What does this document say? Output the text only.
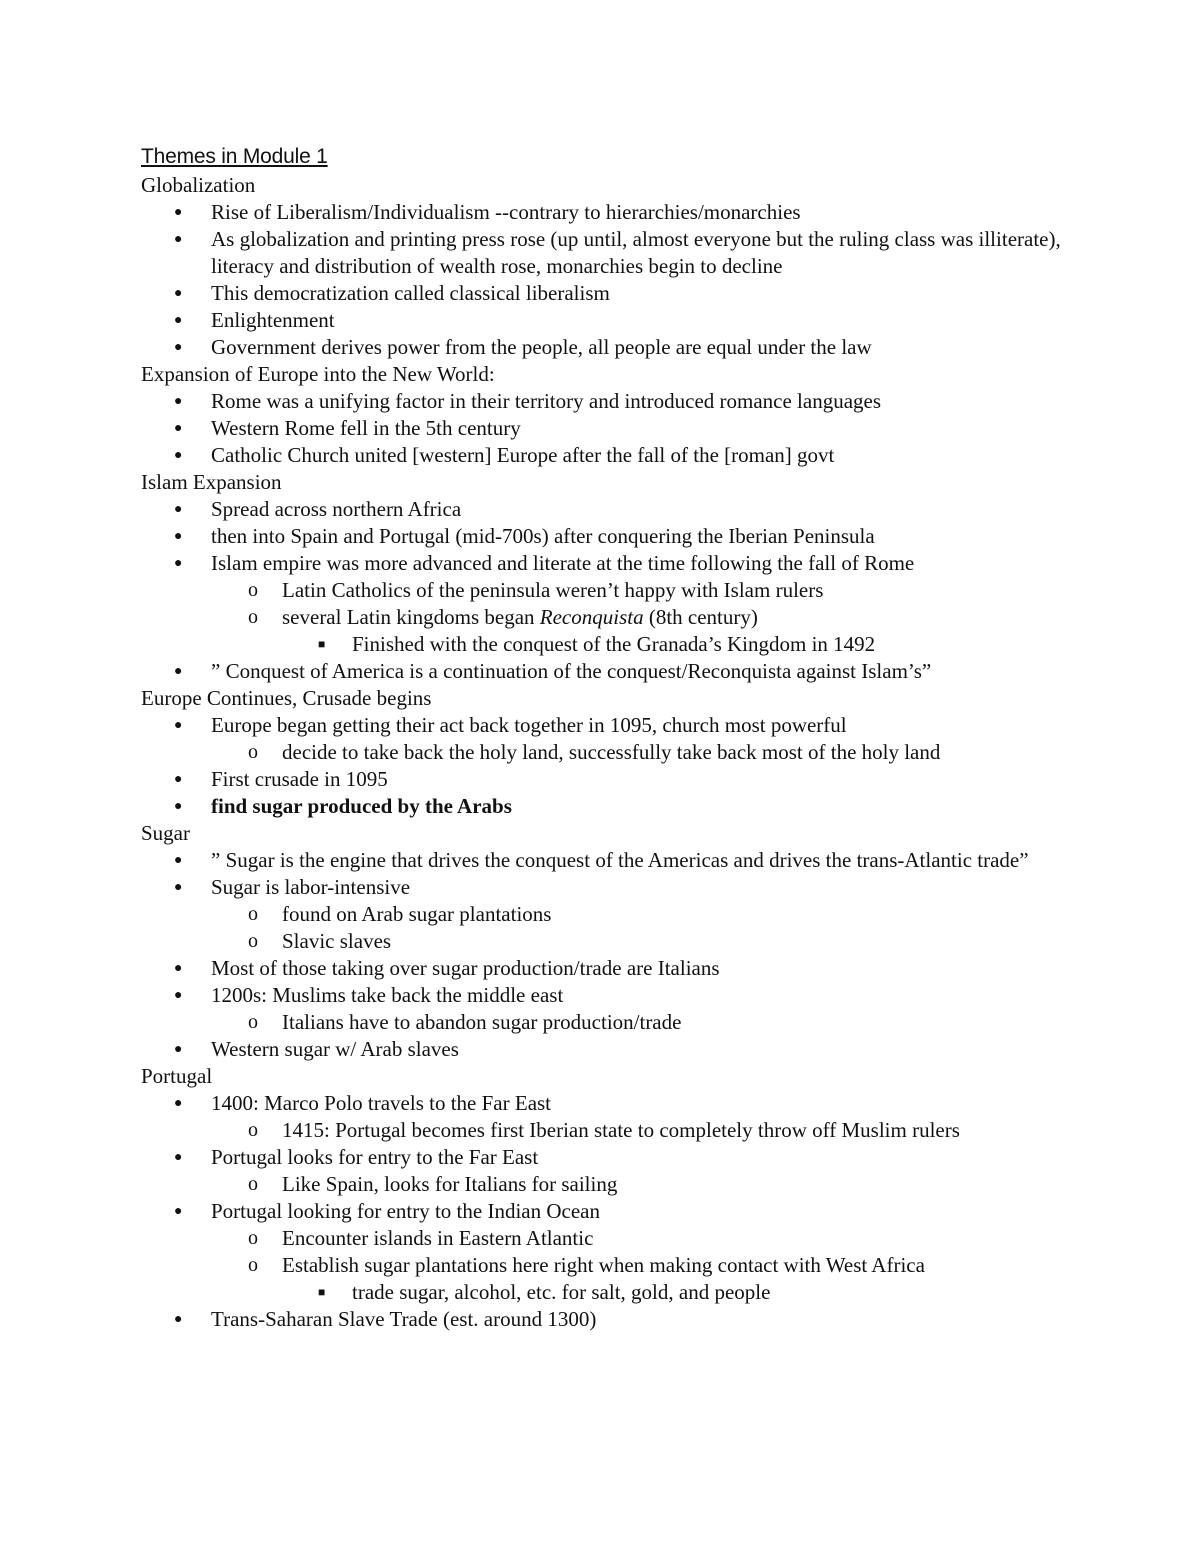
Themes in Module 1
Globalization
● Rise of Liberalism/Individualism --contrary to hierarchies/monarchies
● As globalization and printing press rose (up until, almost everyone but the ruling class was illiterate), literacy and distribution of wealth rose, monarchies begin to decline
● This democratization called classical liberalism
● Enlightenment
● Government derives power from the people, all people are equal under the law
Expansion of Europe into the New World:
● Rome was a unifying factor in their territory and introduced romance languages
● Western Rome fell in the 5th century
● Catholic Church united [western] Europe after the fall of the [roman] govt
Islam Expansion
● Spread across northern Africa
● then into Spain and Portugal (mid-700s) after conquering the Iberian Peninsula
● Islam empire was more advanced and literate at the time following the fall of Rome
o Latin Catholics of the peninsula weren’t happy with Islam rulers
o several Latin kingdoms began Reconquista (8th century)
■ Finished with the conquest of the Granada’s Kingdom in 1492
● ” Conquest of America is a continuation of the conquest/Reconquista against Islam’s”
Europe Continues, Crusade begins
● Europe began getting their act back together in 1095, church most powerful
o decide to take back the holy land, successfully take back most of the holy land
● First crusade in 1095
● find sugar produced by the Arabs
Sugar
● ” Sugar is the engine that drives the conquest of the Americas and drives the trans-Atlantic trade”
● Sugar is labor-intensive
o found on Arab sugar plantations
o Slavic slaves
● Most of those taking over sugar production/trade are Italians
● 1200s: Muslims take back the middle east
o Italians have to abandon sugar production/trade
● Western sugar w/ Arab slaves
Portugal
● 1400: Marco Polo travels to the Far East
o 1415: Portugal becomes first Iberian state to completely throw off Muslim rulers
● Portugal looks for entry to the Far East
o Like Spain, looks for Italians for sailing
● Portugal looking for entry to the Indian Ocean
o Encounter islands in Eastern Atlantic
o Establish sugar plantations here right when making contact with West Africa
■ trade sugar, alcohol, etc. for salt, gold, and people
● Trans-Saharan Slave Trade (est. around 1300)
